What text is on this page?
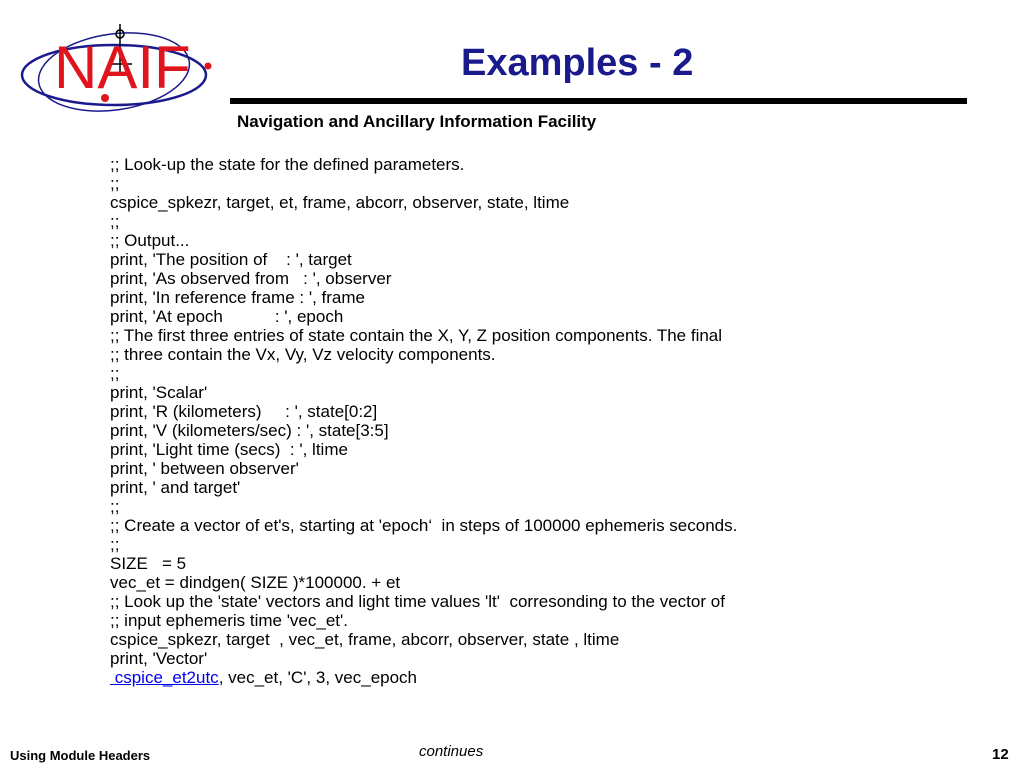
NAIF	Examples - 2
Navigation and Ancillary Information Facility
;; Look-up the state for the defined parameters.
;;
cspice_spkezr, target, et, frame, abcorr, observer, state, ltime
;;
;; Output...
print, 'The position of    : ', target
print, 'As observed from   : ', observer
print, 'In reference frame : ', frame
print, 'At epoch           : ', epoch
;; The first three entries of state contain the X, Y, Z position components. The final
;; three contain the Vx, Vy, Vz velocity components.
;;
print, 'Scalar'
print, 'R (kilometers)     : ', state[0:2]
print, 'V (kilometers/sec) : ', state[3:5]
print, 'Light time (secs)  : ', ltime
print, ' between observer'
print, ' and target'
;;
;; Create a vector of et's, starting at 'epoch‘  in steps of 100000 ephemeris seconds.
;;
SIZE   = 5
vec_et = dindgen( SIZE )*100000. + et
;; Look up the 'state' vectors and light time values 'lt'  corresonding to the vector of
;; input ephemeris time 'vec_et'.
cspice_spkezr, target  , vec_et, frame, abcorr, observer, state , ltime
print, 'Vector'
cspice_et2utc, vec_et, 'C', 3, vec_epoch
continues
Using Module Headers	12
